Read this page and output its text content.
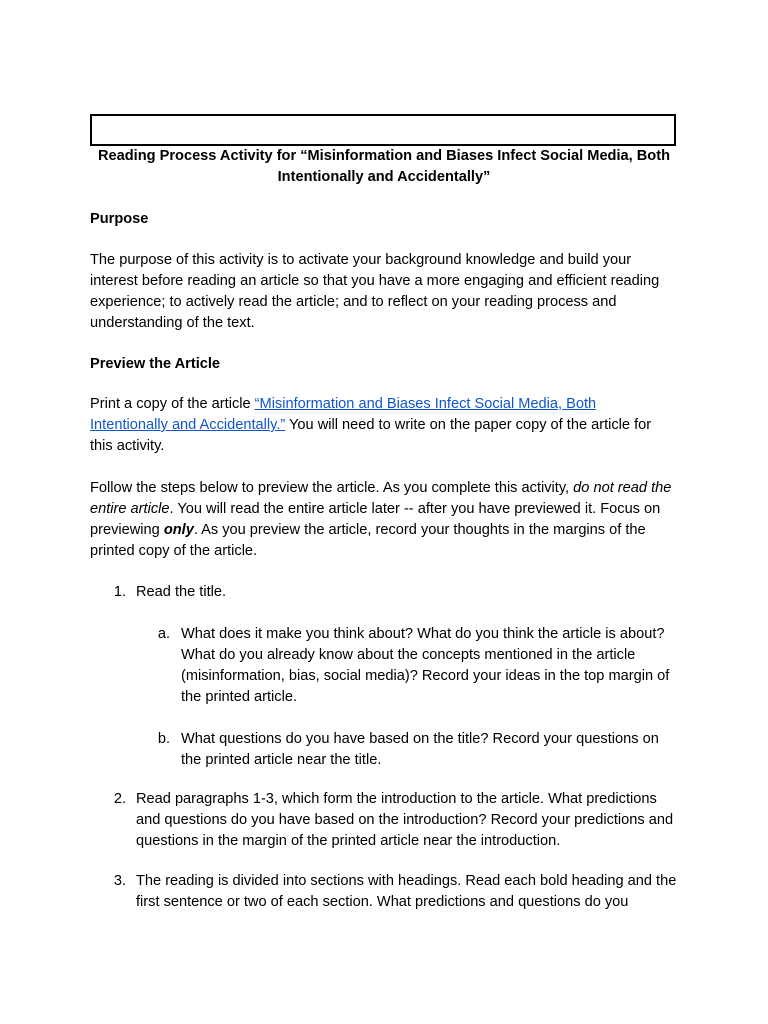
Reading Process Activity for “Misinformation and Biases Infect Social Media, Both Intentionally and Accidentally”
Purpose
The purpose of this activity is to activate your background knowledge and build your interest before reading an article so that you have a more engaging and efficient reading experience; to actively read the article; and to reflect on your reading process and understanding of the text.
Preview the Article
Print a copy of the article “Misinformation and Biases Infect Social Media, Both Intentionally and Accidentally.” You will need to write on the paper copy of the article for this activity.
Follow the steps below to preview the article. As you complete this activity, do not read the entire article. You will read the entire article later -- after you have previewed it. Focus on previewing only. As you preview the article, record your thoughts in the margins of the printed copy of the article.
1. Read the title.
a. What does it make you think about? What do you think the article is about? What do you already know about the concepts mentioned in the article (misinformation, bias, social media)? Record your ideas in the top margin of the printed article.
b. What questions do you have based on the title? Record your questions on the printed article near the title.
2. Read paragraphs 1-3, which form the introduction to the article. What predictions and questions do you have based on the introduction? Record your predictions and questions in the margin of the printed article near the introduction.
3. The reading is divided into sections with headings. Read each bold heading and the first sentence or two of each section. What predictions and questions do you
